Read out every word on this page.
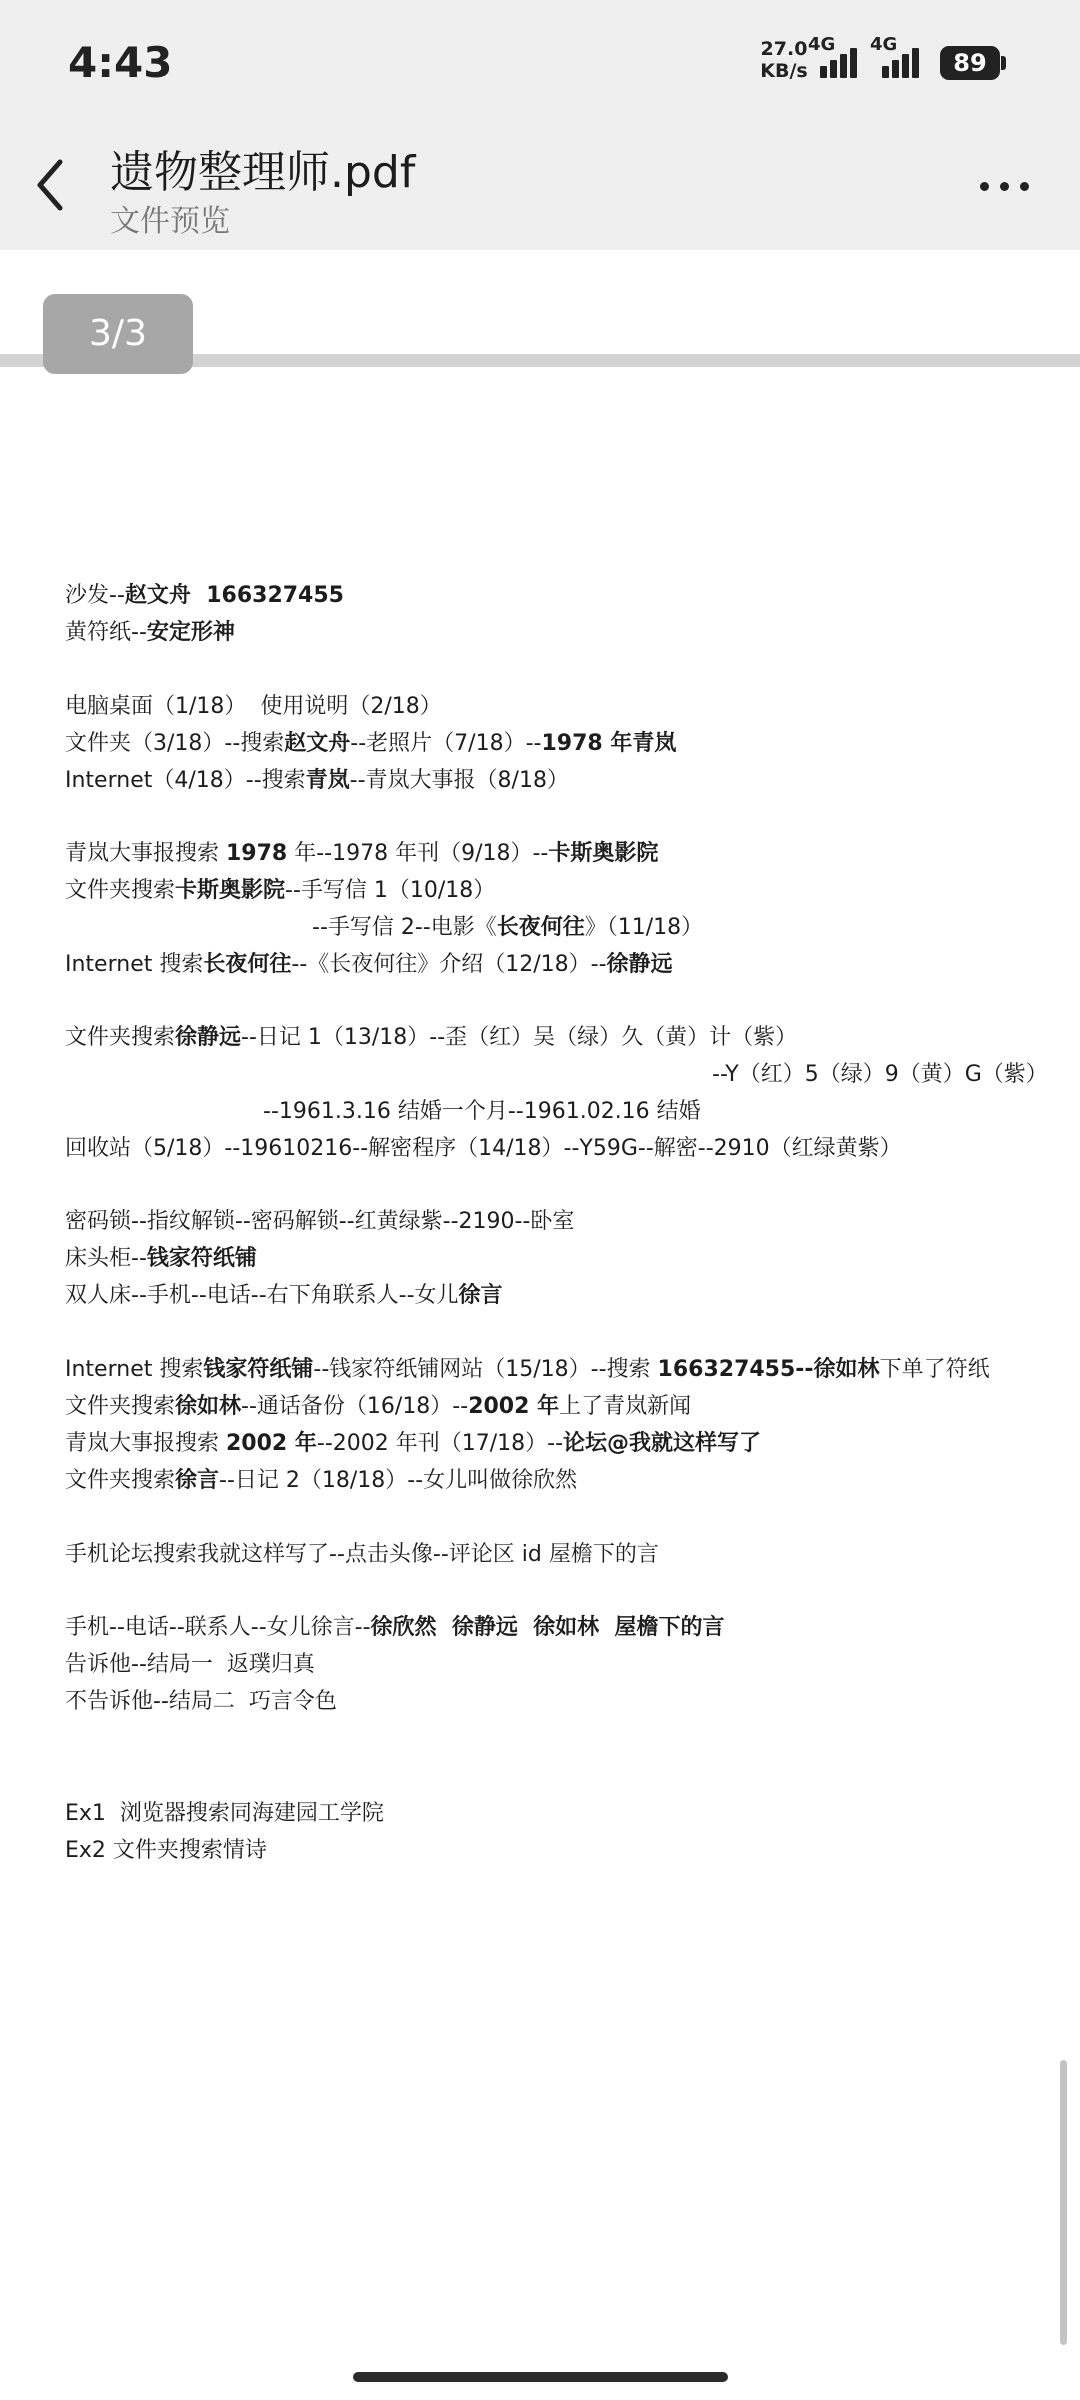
4:43	27.0
KB/s
4G 4G
89
遗物整理师.pdf
文件预览
3/3
沙发--赵文舟  166327455
黄符纸--安定形神
电脑桌面（1/18）  使用说明（2/18）
文件夹（3/18）--搜索赵文舟--老照片（7/18）--1978 年青岚
Internet（4/18）--搜索青岚--青岚大事报（8/18）
青岚大事报搜索 1978 年--1978 年刊（9/18）--卡斯奥影院
文件夹搜索卡斯奥影院--手写信 1（10/18）
--手写信 2--电影《长夜何往》（11/18）
Internet 搜索长夜何往--《长夜何往》介绍（12/18）--徐静远
文件夹搜索徐静远--日记 1（13/18）--歪（红）吴（绿）久（黄）计（紫）
--Y（红）5（绿）9（黄）G（紫）
--1961.3.16 结婚一个月--1961.02.16 结婚
回收站（5/18）--19610216--解密程序（14/18）--Y59G--解密--2910（红绿黄紫）
密码锁--指纹解锁--密码解锁--红黄绿紫--2190--卧室
床头柜--钱家符纸铺
双人床--手机--电话--右下角联系人--女儿徐言
Internet 搜索钱家符纸铺--钱家符纸铺网站（15/18）--搜索 166327455--徐如林下单了符纸
文件夹搜索徐如林--通话备份（16/18）--2002 年上了青岚新闻
青岚大事报搜索 2002 年--2002 年刊（17/18）--论坛@我就这样写了
文件夹搜索徐言--日记 2（18/18）--女儿叫做徐欣然
手机论坛搜索我就这样写了--点击头像--评论区 id 屋檐下的言
手机--电话--联系人--女儿徐言--徐欣然  徐静远  徐如林  屋檐下的言
告诉他--结局一  返璞归真
不告诉他--结局二  巧言令色
Ex1  浏览器搜索同海建园工学院
Ex2 文件夹搜索情诗
